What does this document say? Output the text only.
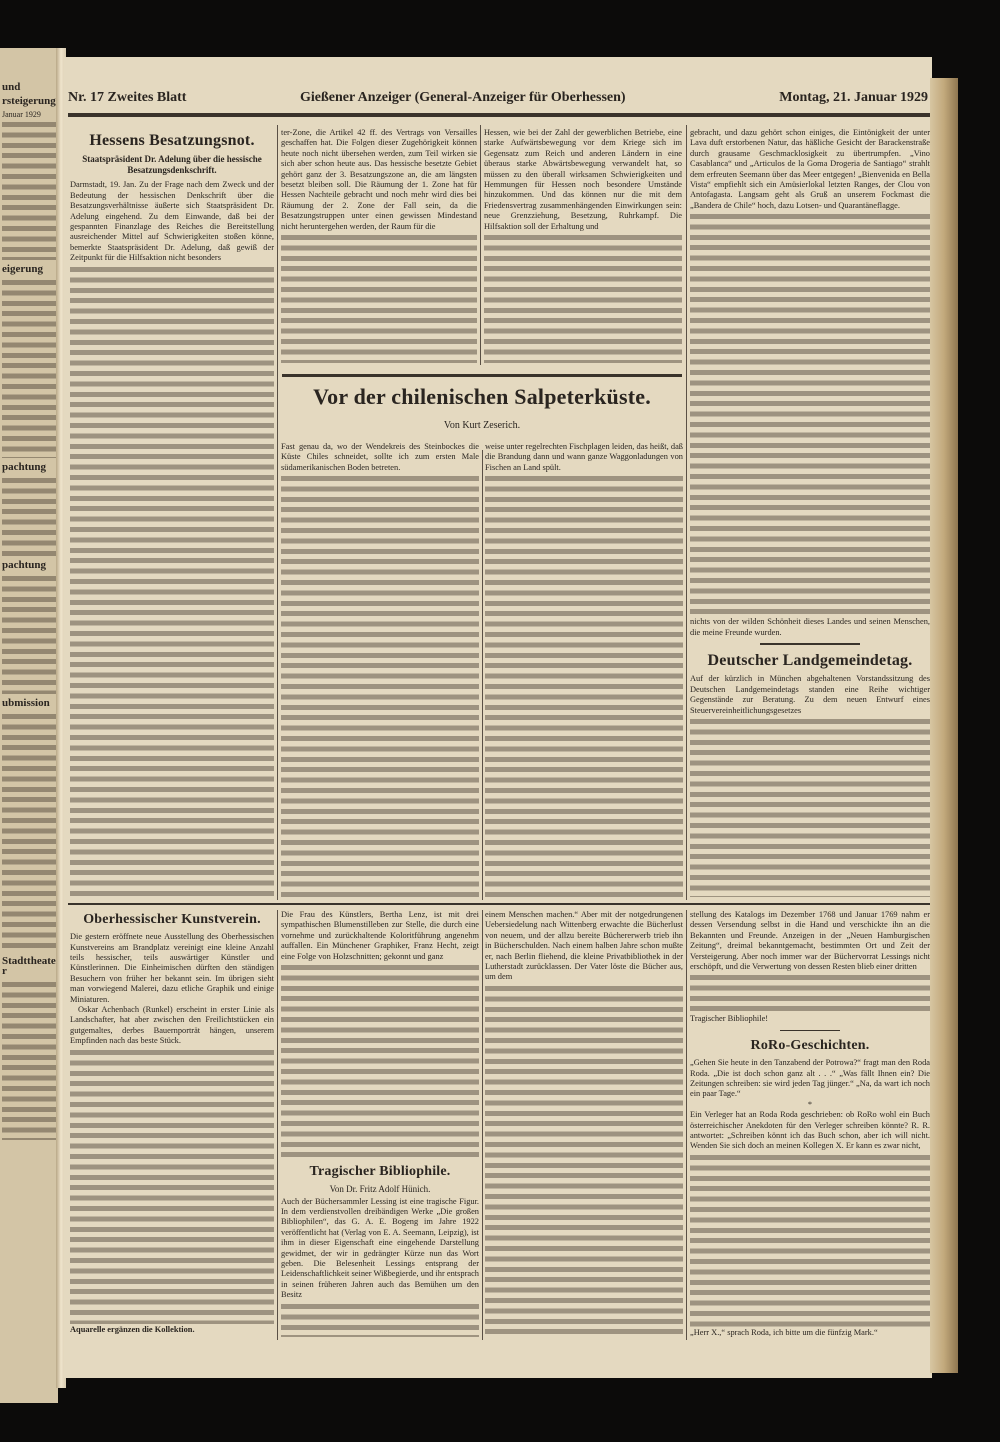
und
rsteigerung
Januar 1929
eigerung
pachtung
pachtung
ubmission
Stadttheater
Nr. 17 Zweites Blatt	Gießener Anzeiger (General-Anzeiger für Oberhessen)	Montag, 21. Januar 1929
Hessens Besatzungsnot.
Staatspräsident Dr. Adelung über die hessische Besatzungsdenkschrift.
Darmstadt, 19. Jan. Zu der Frage nach dem Zweck und der Bedeutung der hessischen Denkschrift über die Besatzungsverhältnisse äußerte sich Staatspräsident Dr. Adelung eingehend. Zu dem Einwande, daß bei der gespannten Finanzlage des Reiches die Bereitstellung ausreichender Mittel auf Schwierigkeiten stoßen könne, bemerkte Staatspräsident Dr. Adelung, daß gewiß der Zeitpunkt für die Hilfsaktion nicht besonders
ter-Zone, die Artikel 42 ff. des Vertrags von Versailles geschaffen hat. Die Folgen dieser Zugehörigkeit können heute noch nicht übersehen werden, zum Teil wirken sie sich aber schon heute aus. Das hessische besetzte Gebiet gehört ganz der 3. Besatzungszone an, die am längsten besetzt bleiben soll. Die Räumung der 1. Zone hat für Hessen Nachteile gebracht und noch mehr wird dies bei Räumung der 2. Zone der Fall sein, da die Besatzungstruppen unter einen gewissen Mindestand nicht heruntergehen werden, der Raum für die
Hessen, wie bei der Zahl der gewerblichen Betriebe, eine starke Aufwärtsbewegung vor dem Kriege sich im Gegensatz zum Reich und anderen Ländern in eine überaus starke Abwärtsbewegung verwandelt hat, so müssen zu den überall wirksamen Schwierigkeiten und Hemmungen für Hessen noch besondere Umstände hinzukommen. Und das können nur die mit dem Friedensvertrag zusammenhängenden Einwirkungen sein: neue Grenzziehung, Besetzung, Ruhrkampf. Die Hilfsaktion soll der Erhaltung und
Vor der chilenischen Salpeterküste.
Von Kurt Zeserich.
Fast genau da, wo der Wendekreis des Steinbockes die Küste Chiles schneidet, sollte ich zum ersten Male südamerikanischen Boden betreten.
weise unter regelrechten Fischplagen leiden, das heißt, daß die Brandung dann und wann ganze Waggonladungen von Fischen an Land spült.
gebracht, und dazu gehört schon einiges, die Eintönigkeit der unter Lava duft erstorbenen Natur, das häßliche Gesicht der Barackenstraße durch grausame Geschmacklosigkeit zu übertrumpfen. „Vino Casablanca“ und „Articulos de la Goma Drogeria de Santiago“ strahlt dem erfreuten Seemann über das Meer entgegen! „Bienvenida en Bella Vista“ empfiehlt sich ein Amüsierlokal letzten Ranges, der Clou von Antofagasta. Langsam geht als Gruß an unserem Fockmast die „Bandera de Chile“ hoch, dazu Lotsen- und Quarantäneflagge.
nichts von der wilden Schönheit dieses Landes und seinen Menschen, die meine Freunde wurden.
Deutscher Landgemeindetag.
Auf der kürzlich in München abgehaltenen Vorstandssitzung des Deutschen Landgemeindetags standen eine Reihe wichtiger Gegenstände zur Beratung. Zu dem neuen Entwurf eines Steuervereinheitlichungsgesetzes
Oberhessischer Kunstverein.
Die gestern eröffnete neue Ausstellung des Oberhessischen Kunstvereins am Brandplatz vereinigt eine kleine Anzahl teils hessischer, teils auswärtiger Künstler und Künstlerinnen. Die Einheimischen dürften den ständigen Besuchern von früher her bekannt sein. Im übrigen sieht man vorwiegend Malerei, dazu etliche Graphik und einige Miniaturen.
Oskar Achenbach (Runkel) erscheint in erster Linie als Landschafter, hat aber zwischen den Freilichtstücken ein gutgemaltes, derbes Bauernporträt hängen, unserem Empfinden nach das beste Stück.
Aquarelle ergänzen die Kollektion.
Die Frau des Künstlers, Bertha Lenz, ist mit drei sympathischen Blumenstilleben zur Stelle, die durch eine vornehme und zurückhaltende Koloritführung angenehm auffallen. Ein Münchener Graphiker, Franz Hecht, zeigt eine Folge von Holzschnitten; gekonnt und ganz
Tragischer Bibliophile.
Von Dr. Fritz Adolf Hünich.
Auch der Büchersammler Lessing ist eine tragische Figur. In dem verdienstvollen dreibändigen Werke „Die großen Bibliophilen“, das G. A. E. Bogeng im Jahre 1922 veröffentlicht hat (Verlag von E. A. Seemann, Leipzig), ist ihm in dieser Eigenschaft eine eingehende Darstellung gewidmet, der wir in gedrängter Kürze nun das Wort geben. Die Belesenheit Lessings entsprang der Leidenschaftlichkeit seiner Wißbegierde, und ihr entsprach in seinen früheren Jahren auch das Bemühen um den Besitz
einem Menschen machen.“ Aber mit der notgedrungenen Uebersiedelung nach Wittenberg erwachte die Bücherlust von neuem, und der allzu bereite Büchererwerb trieb ihn in Bücherschulden. Nach einem halben Jahre schon mußte er, nach Berlin fliehend, die kleine Privatbibliothek in der Lutherstadt zurücklassen. Der Vater löste die Bücher aus, um dem
stellung des Katalogs im Dezember 1768 und Januar 1769 nahm er dessen Versendung selbst in die Hand und verschickte ihn an die Bekannten und Freunde. Anzeigen in der „Neuen Hamburgischen Zeitung“, dreimal bekanntgemacht, bestimmten Ort und Zeit der Versteigerung. Aber noch immer war der Büchervorrat Lessings nicht erschöpft, und die Verwertung von dessen Resten blieb einer dritten
Tragischer Bibliophile!
RoRo-Geschichten.
„Gehen Sie heute in den Tanzabend der Potrowa?“ fragt man den Roda Roda. „Die ist doch schon ganz alt . . .“ „Was fällt Ihnen ein? Die Zeitungen schreiben: sie wird jeden Tag jünger.“ „Na, da wart ich noch ein paar Tage.“
*
Ein Verleger hat an Roda Roda geschrieben: ob RoRo wohl ein Buch österreichischer Anekdoten für den Verleger schreiben könnte? R. R. antwortet: „Schreiben könnt ich das Buch schon, aber ich will nicht. Wenden Sie sich doch an meinen Kollegen X. Er kann es zwar nicht,
„Herr X.,“ sprach Roda, ich bitte um die fünfzig Mark.“
